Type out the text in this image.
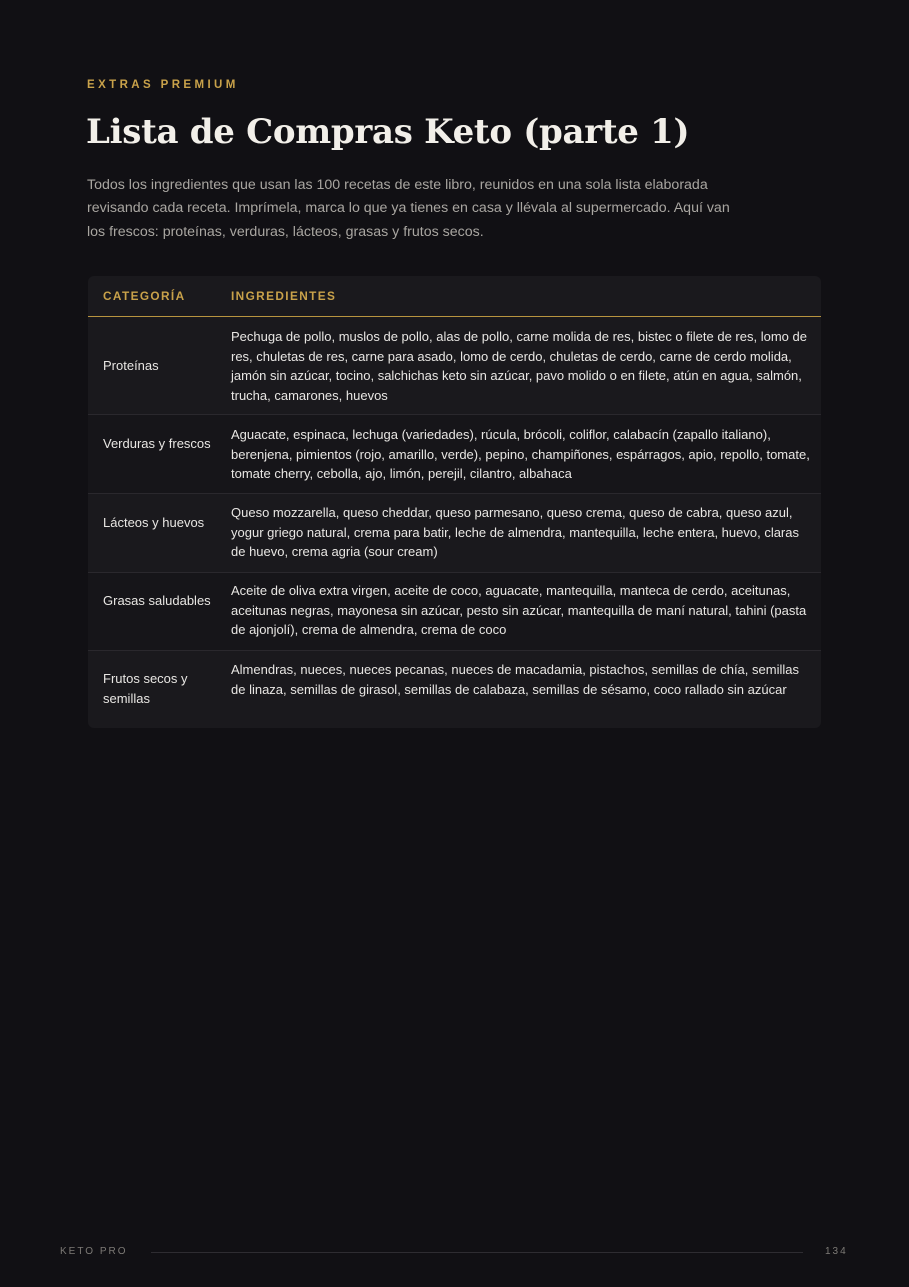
EXTRAS PREMIUM
Lista de Compras Keto (parte 1)

Todos los ingredientes que usan las 100 recetas de este libro, reunidos en una sola lista elaborada revisando cada receta. Imprímela, marca lo que ya tienes en casa y llévala al supermercado. Aquí van los frescos: proteínas, verduras, lácteos, grasas y frutos secos.

CATEGORÍA	INGREDIENTES
Proteínas
Pechuga de pollo, muslos de pollo, alas de pollo, carne molida de res, bistec o filete de res, lomo de res, chuletas de res, carne para asado, lomo de cerdo, chuletas de cerdo, carne de cerdo molida, jamón sin azúcar, tocino, salchichas keto sin azúcar, pavo molido o en filete, atún en agua, salmón, trucha, camarones, huevos
Verduras y frescos
Aguacate, espinaca, lechuga (variedades), rúcula, brócoli, coliflor, calabacín (zapallo italiano), berenjena, pimientos (rojo, amarillo, verde), pepino, champiñones, espárragos, apio, repollo, tomate, tomate cherry, cebolla, ajo, limón, perejil, cilantro, albahaca
Lácteos y huevos
Queso mozzarella, queso cheddar, queso parmesano, queso crema, queso de cabra, queso azul, yogur griego natural, crema para batir, leche de almendra, mantequilla, leche entera, huevo, claras de huevo, crema agria (sour cream)
Grasas saludables
Aceite de oliva extra virgen, aceite de coco, aguacate, mantequilla, manteca de cerdo, aceitunas, aceitunas negras, mayonesa sin azúcar, pesto sin azúcar, mantequilla de maní natural, tahini (pasta de ajonjolí), crema de almendra, crema de coco
Frutos secos y semillas
Almendras, nueces, nueces pecanas, nueces de macadamia, pistachos, semillas de chía, semillas de linaza, semillas de girasol, semillas de calabaza, semillas de sésamo, coco rallado sin azúcar
KETO PRO	134
